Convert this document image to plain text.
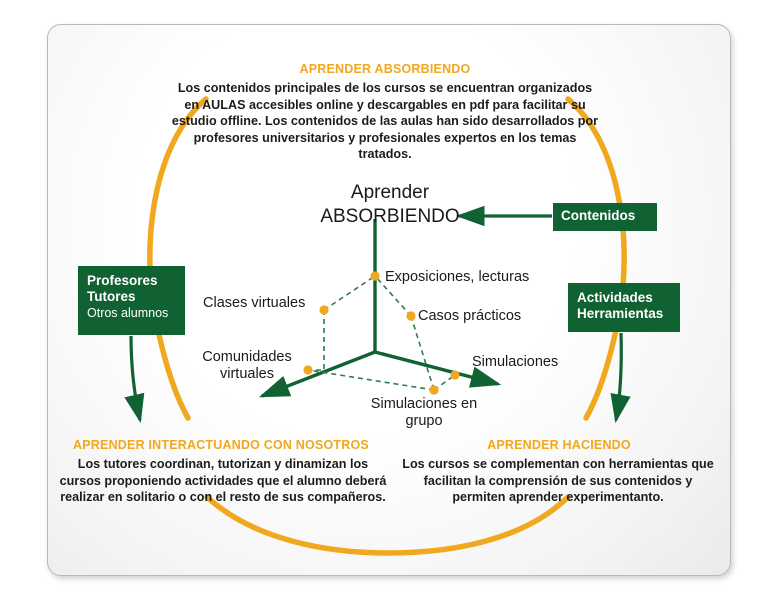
APRENDER ABSORBIENDO
APRENDER INTERACTUANDO CON NOSOTROS	APRENDER HACIENDO
Los contenidos principales de los cursos se encuentran organizados en AULAS accesibles online y descargables en pdf para facilitar su estudio offline. Los contenidos de las aulas han sido desarrollados por profesores universitarios y profesionales expertos en los temas tratados.
Los tutores coordinan, tutorizan y dinamizan los cursos proponiendo actividades que el alumno deberá realizar en solitario o con el resto de sus compañeros.
Los cursos se complementan con herramientas que facilitan la comprensión de sus contenidos y permiten aprender experimentanto.
Aprender
ABSORBIENDO	Contenidos
Profesores
Tutores
Otros alumnos
Actividades
Herramientas
Exposiciones, lecturas
Clases virtuales
Casos prácticos
Comunidades virtuales
Simulaciones
Simulaciones en grupo
